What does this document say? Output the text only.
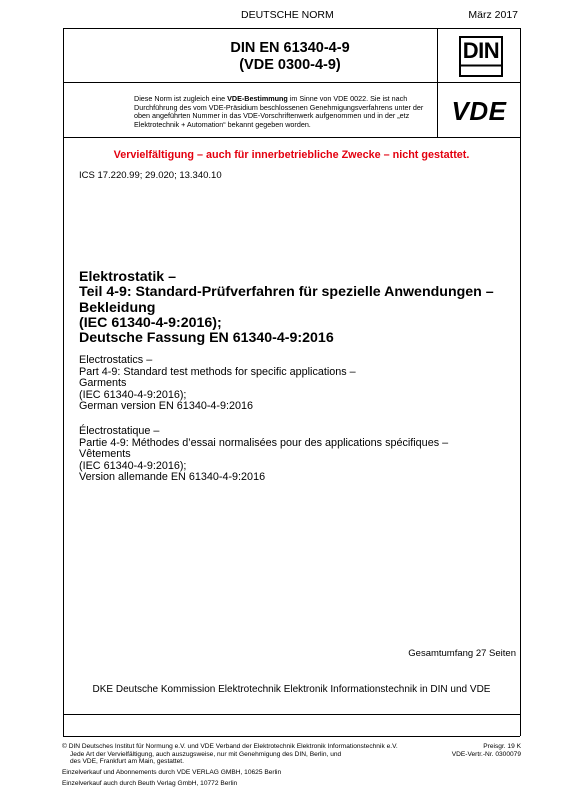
DEUTSCHE NORM	März 2017
DIN EN 61340-4-9
(VDE 0300-4-9)
DIN
Diese Norm ist zugleich eine VDE-Bestimmung im Sinne von VDE 0022. Sie ist nach Durchführung des vom VDE-Präsidium beschlossenen Genehmigungsverfahrens unter der oben angeführten Nummer in das VDE-Vorschriftenwerk aufgenommen und in der „etz Elektrotechnik + Automation“ bekannt gegeben worden.	VDE
Vervielfältigung – auch für innerbetriebliche Zwecke – nicht gestattet.
ICS 17.220.99; 29.020; 13.340.10
Elektrostatik –
Teil 4-9: Standard-Prüfverfahren für spezielle Anwendungen –
Bekleidung
(IEC 61340-4-9:2016);
Deutsche Fassung EN 61340-4-9:2016
Electrostatics –
Part 4-9: Standard test methods for specific applications –
Garments
(IEC 61340-4-9:2016);
German version EN 61340-4-9:2016
Électrostatique –
Partie 4-9: Méthodes d’essai normalisées pour des applications spécifiques –
Vêtements
(IEC 61340-4-9:2016);
Version allemande EN 61340-4-9:2016
Gesamtumfang 27 Seiten
DKE Deutsche Kommission Elektrotechnik Elektronik Informationstechnik in DIN und VDE
© DIN Deutsches Institut für Normung e.V. und VDE Verband der Elektrotechnik Elektronik Informationstechnik e.V.
Jede Art der Vervielfältigung, auch auszugsweise, nur mit Genehmigung des DIN, Berlin, und
des VDE, Frankfurt am Main, gestattet.
Preisgr. 19 K
VDE-Vertr.-Nr. 0300079
Einzelverkauf und Abonnements durch VDE VERLAG GMBH, 10625 Berlin
Einzelverkauf auch durch Beuth Verlag GmbH, 10772 Berlin
